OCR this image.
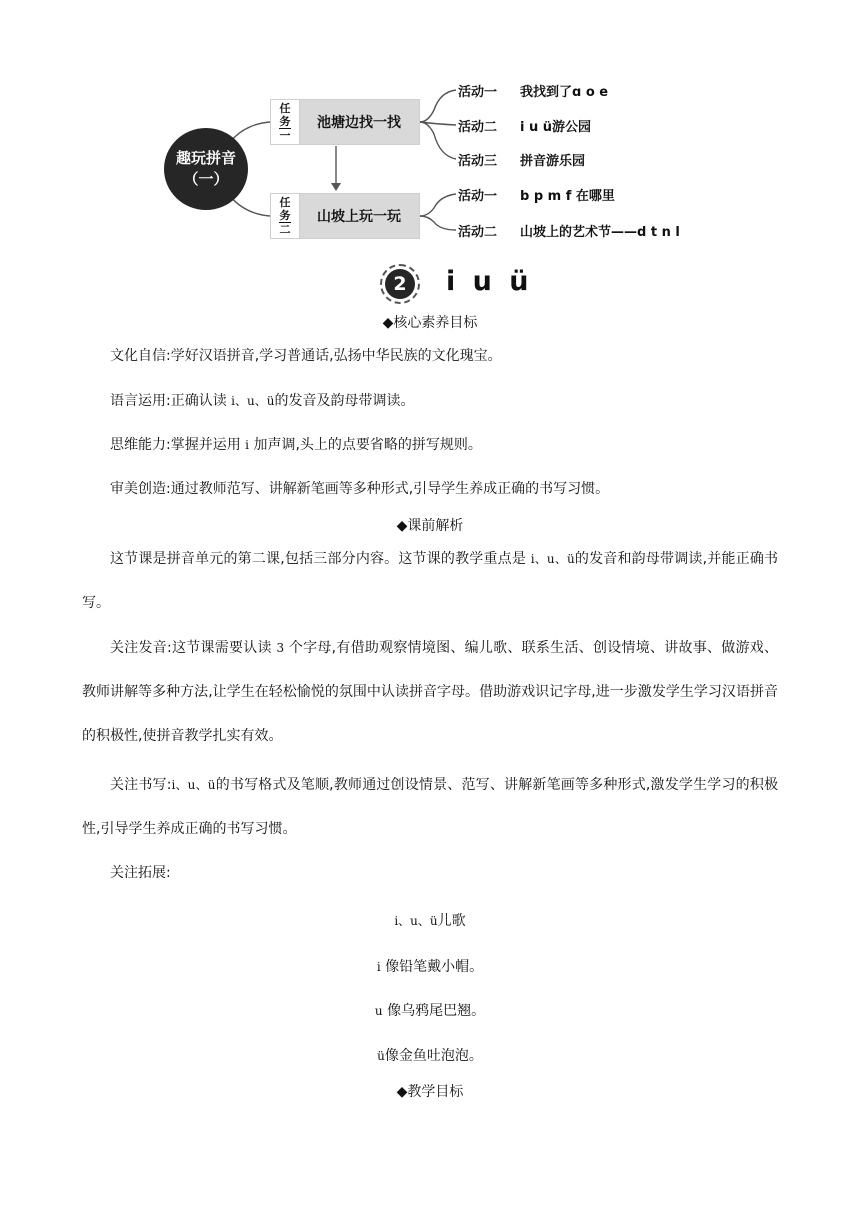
趣玩拼音（一）
任
务
一
池塘边找一找
任
务
二
山坡上玩一玩
活动一 我找到了ɑ o e
活动二 i u ü游公园
活动三 拼音游乐园
活动一 b p m f 在哪里
活动二 山坡上的艺术节——d t n l
2	i u ü
◆核心素养目标

文化自信:学好汉语拼音,学习普通话,弘扬中华民族的文化瑰宝。

语言运用:正确认读 i、u、ü的发音及韵母带调读。

思维能力:掌握并运用 i 加声调,头上的点要省略的拼写规则。

审美创造:通过教师范写、讲解新笔画等多种形式,引导学生养成正确的书写习惯。

◆课前解析

这节课是拼音单元的第二课,包括三部分内容。这节课的教学重点是 i、u、ü的发音和韵母带调读,并能正确书写。

关注发音:这节课需要认读 3 个字母,有借助观察情境图、编儿歌、联系生活、创设情境、讲故事、做游戏、教师讲解等多种方法,让学生在轻松愉悦的氛围中认读拼音字母。借助游戏识记字母,进一步激发学生学习汉语拼音的积极性,使拼音教学扎实有效。

关注书写:i、u、ü的书写格式及笔顺,教师通过创设情景、范写、讲解新笔画等多种形式,激发学生学习的积极性,引导学生养成正确的书写习惯。

关注拓展:

i、u、ü儿歌
i 像铅笔戴小帽。
u 像乌鸦尾巴翘。
ü像金鱼吐泡泡。
◆教学目标
